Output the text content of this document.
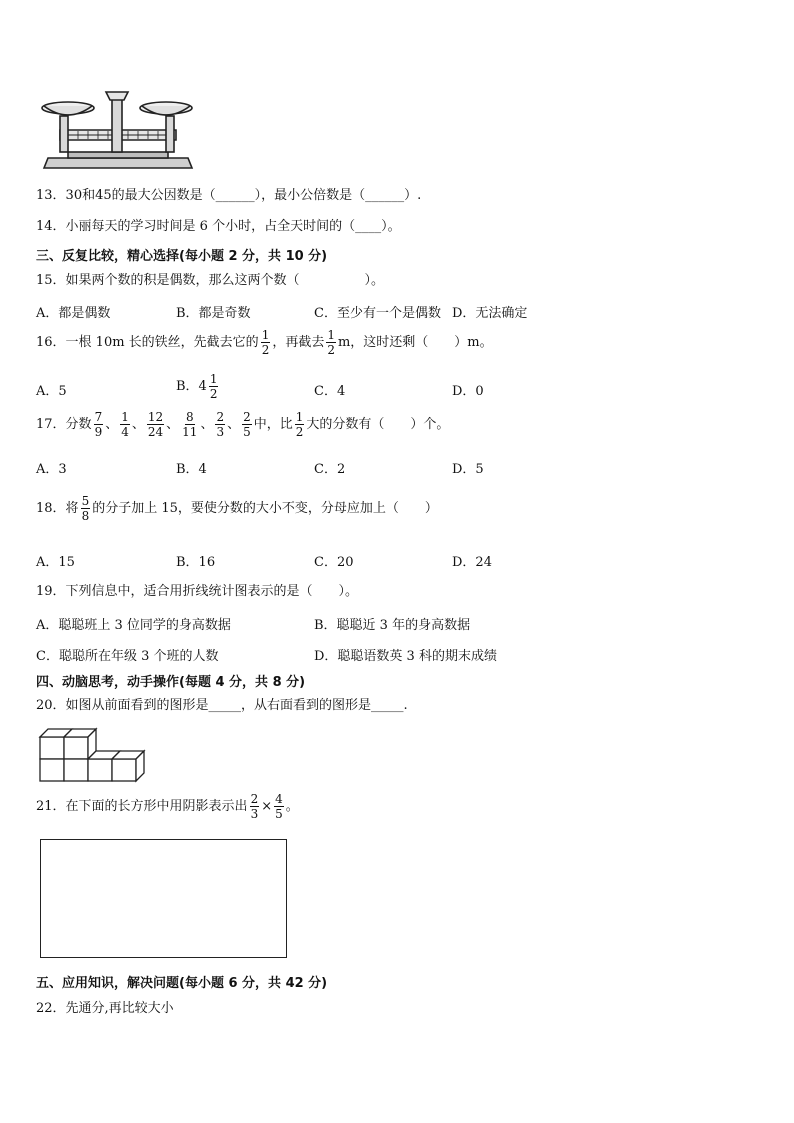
13．30和45的最大公因数是（______），最小公倍数是（______）.
14．小丽每天的学习时间是 6 个小时，占全天时间的（____）。
三、反复比较，精心选择(每小题 2 分，共 10 分)
15．如果两个数的积是偶数，那么这两个数（　　　　　）。
A．都是偶数	B．都是奇数	C．至少有一个是偶数 D．无法确定
16．一根 10m 长的铁丝，先截去它的 $\frac{1}{2}$ ，再截去 $\frac{1}{2}$ m，这时还剩（　　）m。
A．5	B．$4 \frac{1}{2}$	C．4	D．0
17．分数 $\frac{7}{9}$ 、 $\frac{1}{4}$ 、 $\frac{12}{24}$ 、 $\frac{8}{11}$ 、 $\frac{2}{3}$ 、 $\frac{2}{5}$ 中，比 $\frac{1}{2}$ 大的分数有（　　）个。
A．3	B．4	C．2	D．5
18．将 $\frac{5}{8}$ 的分子加上 15，要使分数的大小不变，分母应加上（　　）
A．15	B．16	C．20	D．24
19．下列信息中，适合用折线统计图表示的是（　　）。
A．聪聪班上 3 位同学的身高数据	B．聪聪近 3 年的身高数据
C．聪聪所在年级 3 个班的人数	D．聪聪语数英 3 科的期末成绩
四、动脑思考，动手操作(每题 4 分，共 8 分)
20．如图从前面看到的图形是_____，从右面看到的图形是_____.
21．在下面的长方形中用阴影表示出 $\frac{2}{3} \times \frac{4}{5}$ 。
五、应用知识，解决问题(每小题 6 分，共 42 分)
22．先通分,再比较大小
